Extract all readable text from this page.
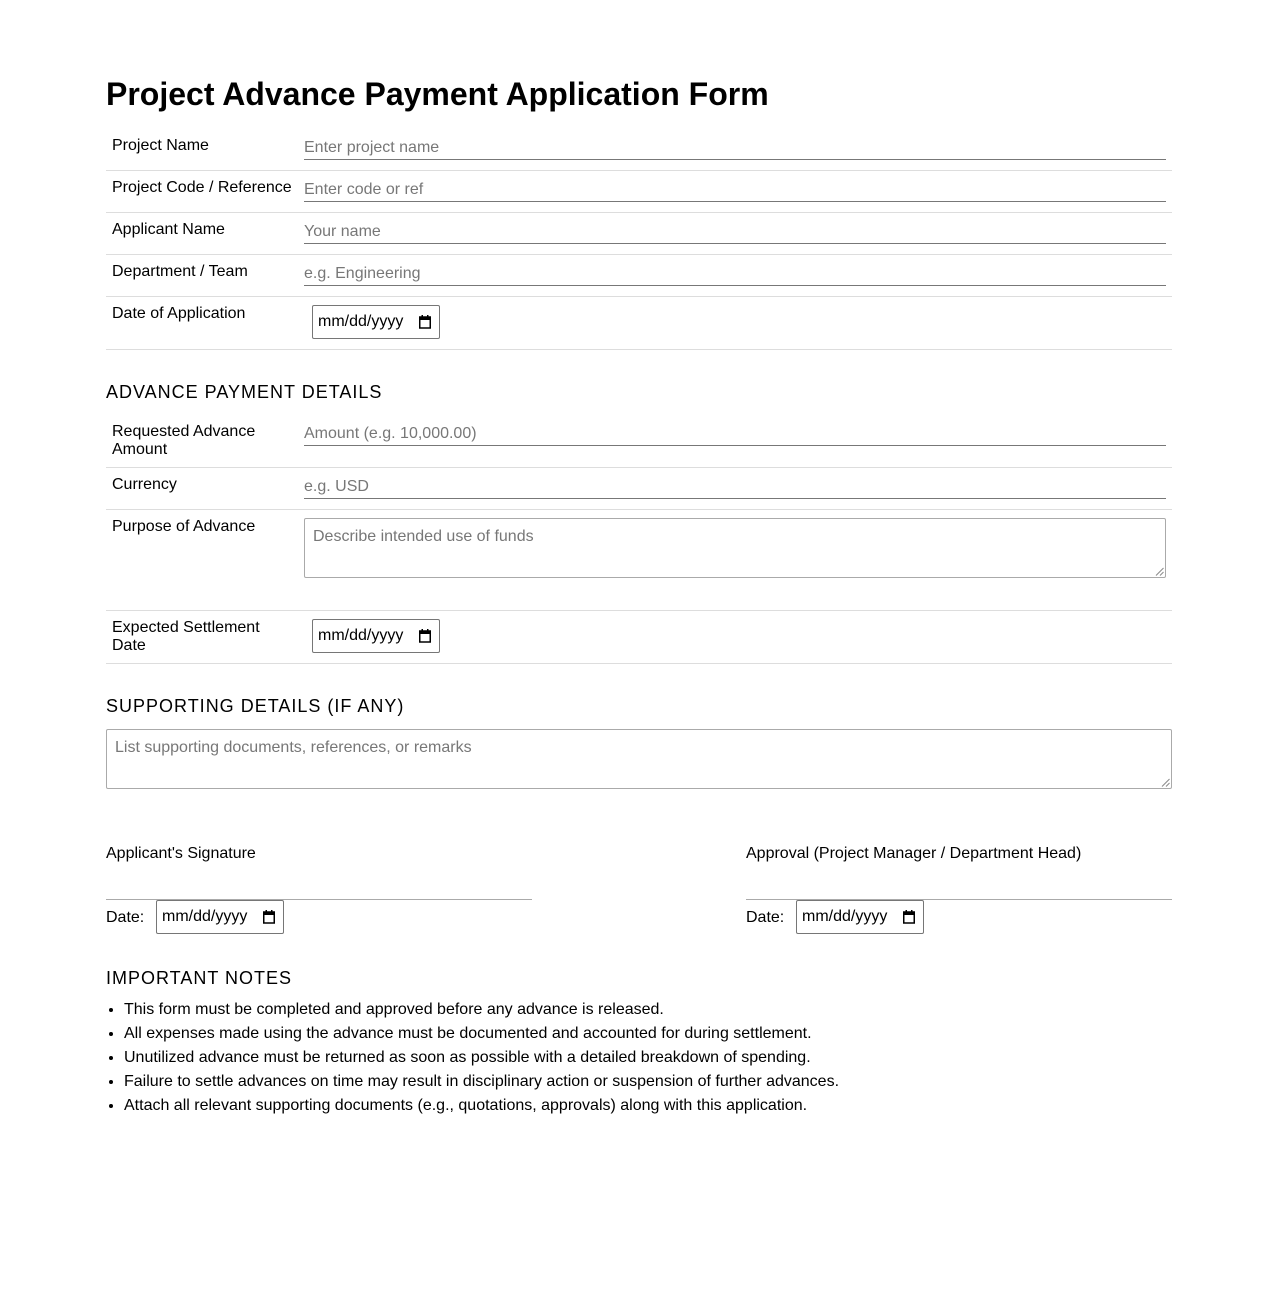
Project Advance Payment Application Form
Project Name
Enter project name
Project Code / Reference
Enter code or ref
Applicant Name
Your name
Department / Team
e.g. Engineering
Date of Application	mm/dd/yyyy
ADVANCE PAYMENT DETAILS
Requested Advance Amount
Amount (e.g. 10,000.00)
Currency
e.g. USD
Purpose of Advance
Describe intended use of funds
Expected Settlement Date
mm/dd/yyyy
SUPPORTING DETAILS (IF ANY)
List supporting documents, references, or remarks
Applicant's Signature
Date: mm/dd/yyyy
Approval (Project Manager / Department Head)
Date: mm/dd/yyyy
IMPORTANT NOTES
• This form must be completed and approved before any advance is released.
• All expenses made using the advance must be documented and accounted for during settlement.
• Unutilized advance must be returned as soon as possible with a detailed breakdown of spending.
• Failure to settle advances on time may result in disciplinary action or suspension of further advances.
• Attach all relevant supporting documents (e.g., quotations, approvals) along with this application.
